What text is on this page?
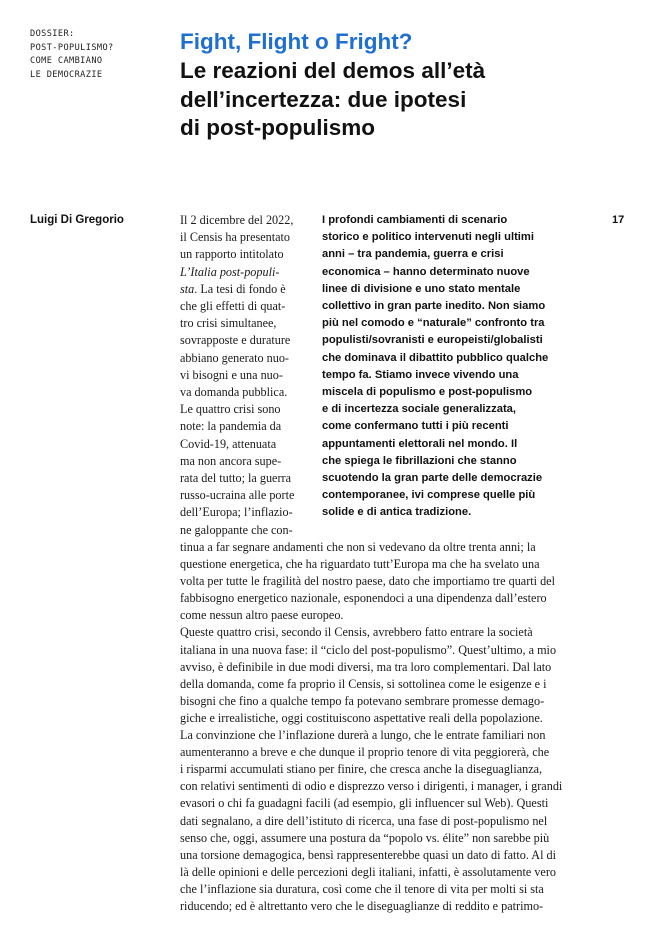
DOSSIER:
POST-POPULISMO?
COME CAMBIANO
LE DEMOCRAZIE
Fight, Flight o Fright?
Le reazioni del demos all’età
dell’incertezza: due ipotesi
di post-populismo
Luigi Di Gregorio	17
Il 2 dicembre del 2022,
il Censis ha presentato
un rapporto intitolato
L’Italia post-populi-
sta. La tesi di fondo è
che gli effetti di quat-
tro crisi simultanee,
sovrapposte e durature
abbiano generato nuo-
vi bisogni e una nuo-
va domanda pubblica.
Le quattro crisi sono
note: la pandemia da
Covid-19, attenuata
ma non ancora supe-
rata del tutto; la guerra
russo-ucraina alle porte
dell’Europa; l’inflazio-
ne galoppante che con-
I profondi cambiamenti di scenario
storico e politico intervenuti negli ultimi
anni – tra pandemia, guerra e crisi
economica – hanno determinato nuove
linee di divisione e uno stato mentale
collettivo in gran parte inedito. Non siamo
più nel comodo e “naturale” confronto tra
populisti/sovranisti e europeisti/globalisti
che dominava il dibattito pubblico qualche
tempo fa. Stiamo invece vivendo una
miscela di populismo e post-populismo
e di incertezza sociale generalizzata,
come confermano tutti i più recenti
appuntamenti elettorali nel mondo. Il
che spiega le fibrillazioni che stanno
scuotendo la gran parte delle democrazie
contemporanee, ivi comprese quelle più
solide e di antica tradizione.
tinua a far segnare andamenti che non si vedevano da oltre trenta anni; la
questione energetica, che ha riguardato tutt’Europa ma che ha svelato una
volta per tutte le fragilità del nostro paese, dato che importiamo tre quarti del
fabbisogno energetico nazionale, esponendoci a una dipendenza dall’estero
come nessun altro paese europeo.
Queste quattro crisi, secondo il Censis, avrebbero fatto entrare la società
italiana in una nuova fase: il “ciclo del post-populismo”. Quest’ultimo, a mio
avviso, è definibile in due modi diversi, ma tra loro complementari. Dal lato
della domanda, come fa proprio il Censis, si sottolinea come le esigenze e i
bisogni che fino a qualche tempo fa potevano sembrare promesse demago-
giche e irrealistiche, oggi costituiscono aspettative reali della popolazione.
La convinzione che l’inflazione durerà a lungo, che le entrate familiari non
aumenteranno a breve e che dunque il proprio tenore di vita peggiorerà, che
i risparmi accumulati stiano per finire, che cresca anche la diseguaglianza,
con relativi sentimenti di odio e disprezzo verso i dirigenti, i manager, i grandi
evasori o chi fa guadagni facili (ad esempio, gli influencer sul Web). Questi
dati segnalano, a dire dell’istituto di ricerca, una fase di post-populismo nel
senso che, oggi, assumere una postura da “popolo vs. élite” non sarebbe più
una torsione demagogica, bensì rappresenterebbe quasi un dato di fatto. Al di
là delle opinioni e delle percezioni degli italiani, infatti, è assolutamente vero
che l’inflazione sia duratura, così come che il tenore di vita per molti si sta
riducendo; ed è altrettanto vero che le diseguaglianze di reddito e patrimo-
